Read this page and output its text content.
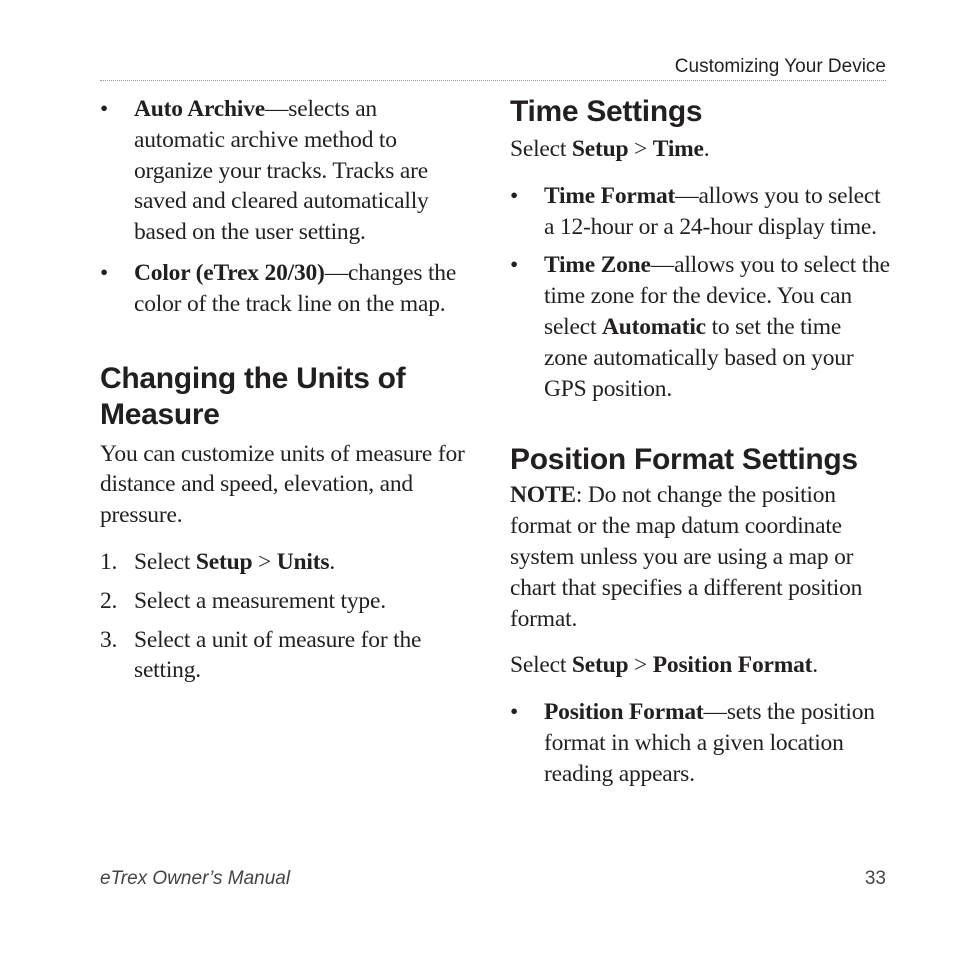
Customizing Your Device
•	Auto Archive—selects an automatic archive method to organize your tracks. Tracks are saved and cleared automatically based on the user setting.
•	Color (eTrex 20/30)—changes the color of the track line on the map.
Changing the Units of Measure

You can customize units of measure for distance and speed, elevation, and pressure.

1. Select Setup > Units.
2. Select a measurement type.
3. Select a unit of measure for the setting.
Time Settings

Select Setup > Time.

•	Time Format—allows you to select a 12-hour or a 24-hour display time.
•	Time Zone—allows you to select the time zone for the device. You can select Automatic to set the time zone automatically based on your GPS position.
Position Format Settings

NOTE: Do not change the position format or the map datum coordinate system unless you are using a map or chart that specifies a different position format.

Select Setup > Position Format.

•	Position Format—sets the position format in which a given location reading appears.
eTrex Owner’s Manual	33
